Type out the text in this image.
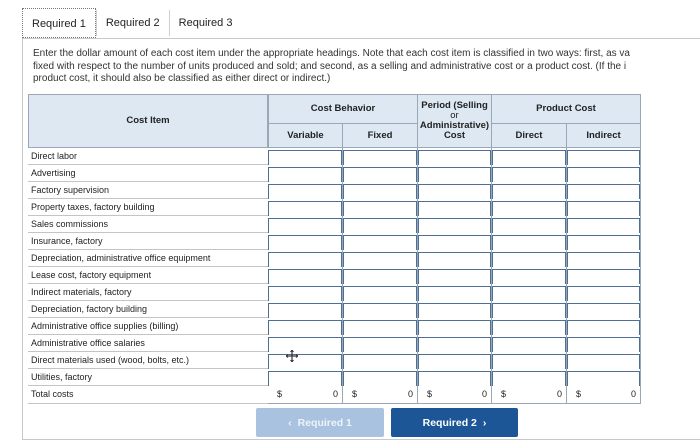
Required 1	Required 2	Required 3
Enter the dollar amount of each cost item under the appropriate headings. Note that each cost item is classified in two ways: first, as va
fixed with respect to the number of units produced and sold; and second, as a selling and administrative cost or a product cost. (If the i
product cost, it should also be classified as either direct or indirect.)
Cost Behavior
Variable	Fixed
Period (Selling
or
Administrative)
Cost
Product Cost
Direct	Indirect
Cost Item
Direct labor
Advertising
Factory supervision
Property taxes, factory building
Sales commissions
Insurance, factory
Depreciation, administrative office equipment
Lease cost, factory equipment
Indirect materials, factory
Depreciation, factory building
Administrative office supplies (billing)
Administrative office salaries
Direct materials used (wood, bolts, etc.)
Utilities, factory
Total costs	$	0 $	0 $	0 $	0 $	0
‹ Required 1	Required 2 ›
